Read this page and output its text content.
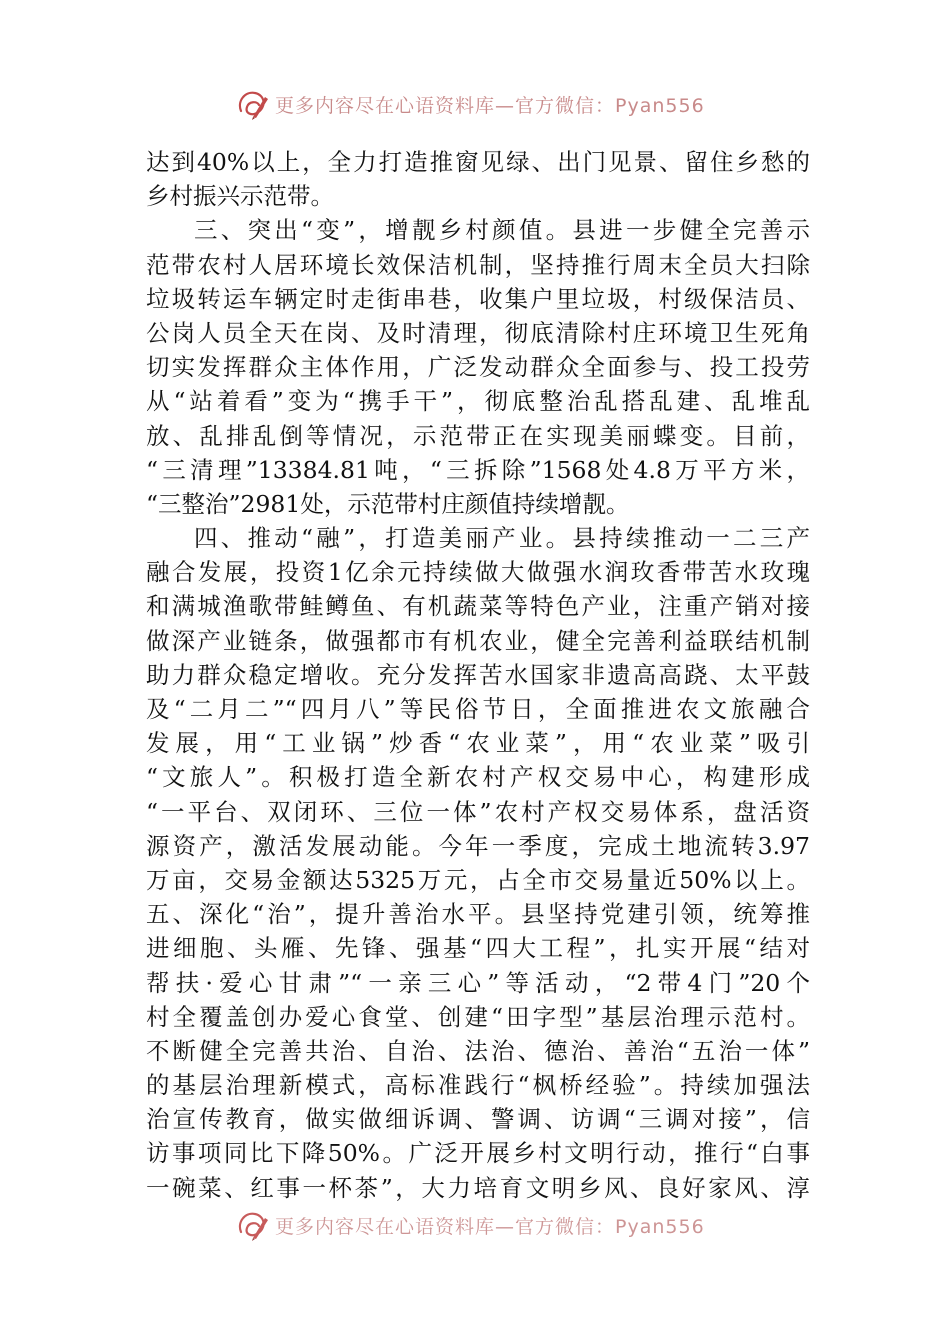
更多内容尽在心语资料库—官方微信：Pyan556
达到40%以上，全力打造推窗见绿、出门见景、留住乡愁的
乡村振兴示范带。
三、突出“变”，增靓乡村颜值。县进一步健全完善示
范带农村人居环境长效保洁机制，坚持推行周末全员大扫除
垃圾转运车辆定时走街串巷，收集户里垃圾，村级保洁员、
公岗人员全天在岗、及时清理，彻底清除村庄环境卫生死角
切实发挥群众主体作用，广泛发动群众全面参与、投工投劳
从“站着看”变为“携手干”，彻底整治乱搭乱建、乱堆乱
放、乱排乱倒等情况，示范带正在实现美丽蝶变。目前，
“三清理”13384.81吨，“三拆除”1568处4.8万平方米，
“三整治”2981处，示范带村庄颜值持续增靓。
四、推动“融”，打造美丽产业。县持续推动一二三产
融合发展，投资1亿余元持续做大做强水润玫香带苦水玫瑰
和满城渔歌带鲑鳟鱼、有机蔬菜等特色产业，注重产销对接
做深产业链条，做强都市有机农业，健全完善利益联结机制
助力群众稳定增收。充分发挥苦水国家非遗高高跷、太平鼓
及“二月二”“四月八”等民俗节日，全面推进农文旅融合
发展，用“工业锅”炒香“农业菜”，用“农业菜”吸引
“文旅人”。积极打造全新农村产权交易中心，构建形成
“一平台、双闭环、三位一体”农村产权交易体系，盘活资
源资产，激活发展动能。今年一季度，完成土地流转3.97
万亩，交易金额达5325万元，占全市交易量近50%以上。
五、深化“治”，提升善治水平。县坚持党建引领，统筹推
进细胞、头雁、先锋、强基“四大工程”，扎实开展“结对
帮扶·爱心甘肃”“一亲三心”等活动，“2带4门”20个
村全覆盖创办爱心食堂、创建“田字型”基层治理示范村。
不断健全完善共治、自治、法治、德治、善治“五治一体”
的基层治理新模式，高标准践行“枫桥经验”。持续加强法
治宣传教育，做实做细诉调、警调、访调“三调对接”，信
访事项同比下降50%。广泛开展乡村文明行动，推行“白事
一碗菜、红事一杯茶”，大力培育文明乡风、良好家风、淳
更多内容尽在心语资料库—官方微信：Pyan556
